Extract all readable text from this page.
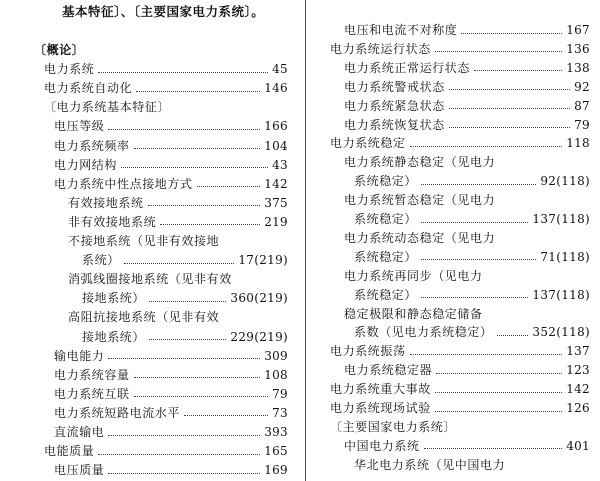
基本特征〕、〔主要国家电力系统〕。
〔概论〕
电力系统	45
电力系统自动化	146
〔电力系统基本特征〕
电压等级	166
电力系统频率	104
电力网结构	43
电力系统中性点接地方式	142
有效接地系统	375
非有效接地系统	219
不接地系统（见非有效接地
系统）	17(219)
消弧线圈接地系统（见非有效
接地系统）	360(219)
高阻抗接地系统（见非有效
接地系统）	229(219)
输电能力	309
电力系统容量	108
电力系统互联	79
电力系统短路电流水平	73
直流输电	393
电能质量	165
电压质量	169
电压和电流不对称度	167
电力系统运行状态	136
电力系统正常运行状态	138
电力系统警戒状态	92
电力系统紧急状态	87
电力系统恢复状态	79
电力系统稳定	118
电力系统静态稳定（见电力
系统稳定）	92(118)
电力系统暂态稳定（见电力
系统稳定）	137(118)
电力系统动态稳定（见电力
系统稳定）	71(118)
电力系统再同步（见电力
系统稳定）	137(118)
稳定极限和静态稳定储备
系数（见电力系统稳定）	352(118)
电力系统振荡	137
电力系统稳定器	123
电力系统重大事故	142
电力系统现场试验	126
〔主要国家电力系统〕
中国电力系统	401
华北电力系统（见中国电力
